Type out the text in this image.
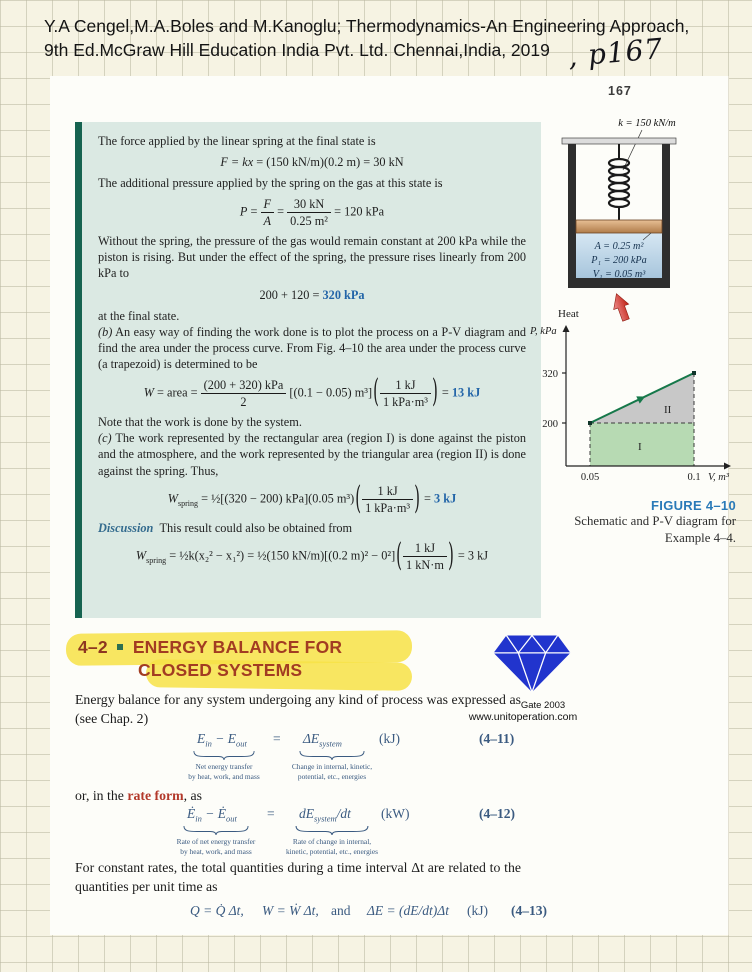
Y.A Cengel,M.A.Boles and M.Kanoglu; Thermodynamics-An Engineering Approach,
9th Ed.McGraw Hill Education India Pvt. Ltd. Chennai,India, 2019 , p167
167

The force applied by the linear spring at the final state is

F = kx = (150 kN/m)(0.2 m) = 30 kN

The additional pressure applied by the spring on the gas at this state is

$P = \frac{F}{A} = \frac{30 kN}{\text{0.25 m²}} = 120$ kPa

Without the spring, the pressure of the gas would remain constant at 200 kPa while the piston is rising. But under the effect of the spring, the pressure rises linearly from 200 kPa to

200 + 120 = 320 kPa

at the final state.

(b) An easy way of finding the work done is to plot the process on a P-V diagram and find the area under the process curve. From Fig. 4–10 the area under the process curve (a trapezoid) is determined to be

W = area = $\frac{\text{(200 + 320) kPa}}{2} [(0.1 - 0.05)$ $m^3]( \frac{1 kJ}{\text{1 kPa·m³}}$ ) = 13 kJ

Note that the work is done by the system.

(c) The work represented by the rectangular area (region I) is done against the piston and the atmosphere, and the work represented by the triangular area (region II) is done against the spring. Thus,

$W_{spring}$ = ½[(320 − 200) kPa](0.05 $m^3)( \frac{1 kJ}{\text{1 kPa·m³}}$ ) = 3 kJ

Discussion This result could also be obtained from

$W_{spring}$ = ½k(x₂² − x₁²) = ½(150 kN/m)[(0.2 $m)^2 - 0^2]( \frac{1 kJ}{1 kN\cdot m}$ ) = 3 kJ
k = 150 kN/m
A = 0.25 m²
P₁ = 200 kPa
V₁ = 0.05 m³
Heat
P, kPa
320
200
0.05	0.1 V, m³
II
I
FIGURE 4–10
Schematic and P-V diagram for
Example 4–4.
4–2 ENERGY BALANCE FOR
CLOSED SYSTEMS
Gate 2003
www.unitoperation.com
Energy balance for any system undergoing any kind of process was expressed as (see Chap. 2)
$E_{in} - E_{out} = \Delta E_{system}$	(kJ)	(4–11)
Net energy transfer
by heat, work, and mass
Change in internal, kinetic,
potential, etc., energies
or, in the rate form, as
$Ė_{in}$ − $Ė_{out} = dE_{system}/dt$ (kW)	(4–12)
Rate of net energy transfer
by heat, work, and mass
Rate of change in internal,
kinetic, potential, etc., energies
For constant rates, the total quantities during a time interval Δt are related to the quantities per unit time as
Q = Q̇ Δt, W = Ẇ Δt, and ΔE = (dE/dt)Δt (kJ) (4–13)
